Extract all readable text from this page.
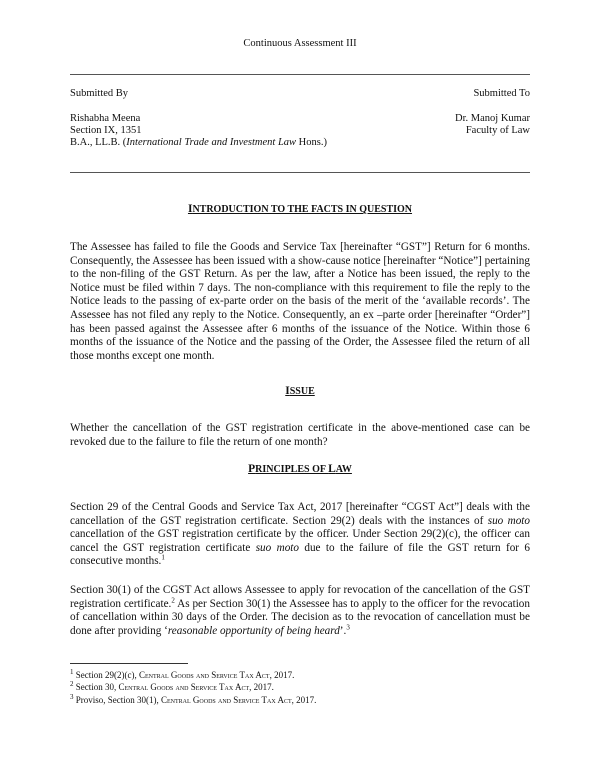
Continuous Assessment III
Submitted By	Submitted To
Rishabha Meena
Section IX, 1351
B.A., LL.B. (International Trade and Investment Law Hons.)
Dr. Manoj Kumar
Faculty of Law
INTRODUCTION TO THE FACTS IN QUESTION
The Assessee has failed to file the Goods and Service Tax [hereinafter “GST”] Return for 6 months. Consequently, the Assessee has been issued with a show-cause notice [hereinafter “Notice”] pertaining to the non-filing of the GST Return. As per the law, after a Notice has been issued, the reply to the Notice must be filed within 7 days. The non-compliance with this requirement to file the reply to the Notice leads to the passing of ex-parte order on the basis of the merit of the ‘available records’. The Assessee has not filed any reply to the Notice. Consequently, an ex –parte order [hereinafter “Order”] has been passed against the Assessee after 6 months of the issuance of the Notice. Within those 6 months of the issuance of the Notice and the passing of the Order, the Assessee filed the return of all those months except one month.
ISSUE
Whether the cancellation of the GST registration certificate in the above-mentioned case can be revoked due to the failure to file the return of one month?
PRINCIPLES OF LAW
Section 29 of the Central Goods and Service Tax Act, 2017 [hereinafter “CGST Act”] deals with the cancellation of the GST registration certificate. Section 29(2) deals with the instances of suo moto cancellation of the GST registration certificate by the officer. Under Section 29(2)(c), the officer can cancel the GST registration certificate suo moto due to the failure of file the GST return for 6 consecutive months.$^1$
Section 30(1) of the CGST Act allows Assessee to apply for revocation of the cancellation of the GST registration certificate.$^2$ As per Section 30(1) the Assessee has to apply to the officer for the revocation of cancellation within 30 days of the Order. The decision as to the revocation of cancellation must be done after providing ‘reasonable opportunity of being heard’.$^3$
$^1$ Section 29(2)(c), Central Goods and Service Tax Act, 2017.
$^2$ Section 30, Central Goods and Service Tax Act, 2017.
$^3$ Proviso, Section 30(1), Central Goods and Service Tax Act, 2017.
